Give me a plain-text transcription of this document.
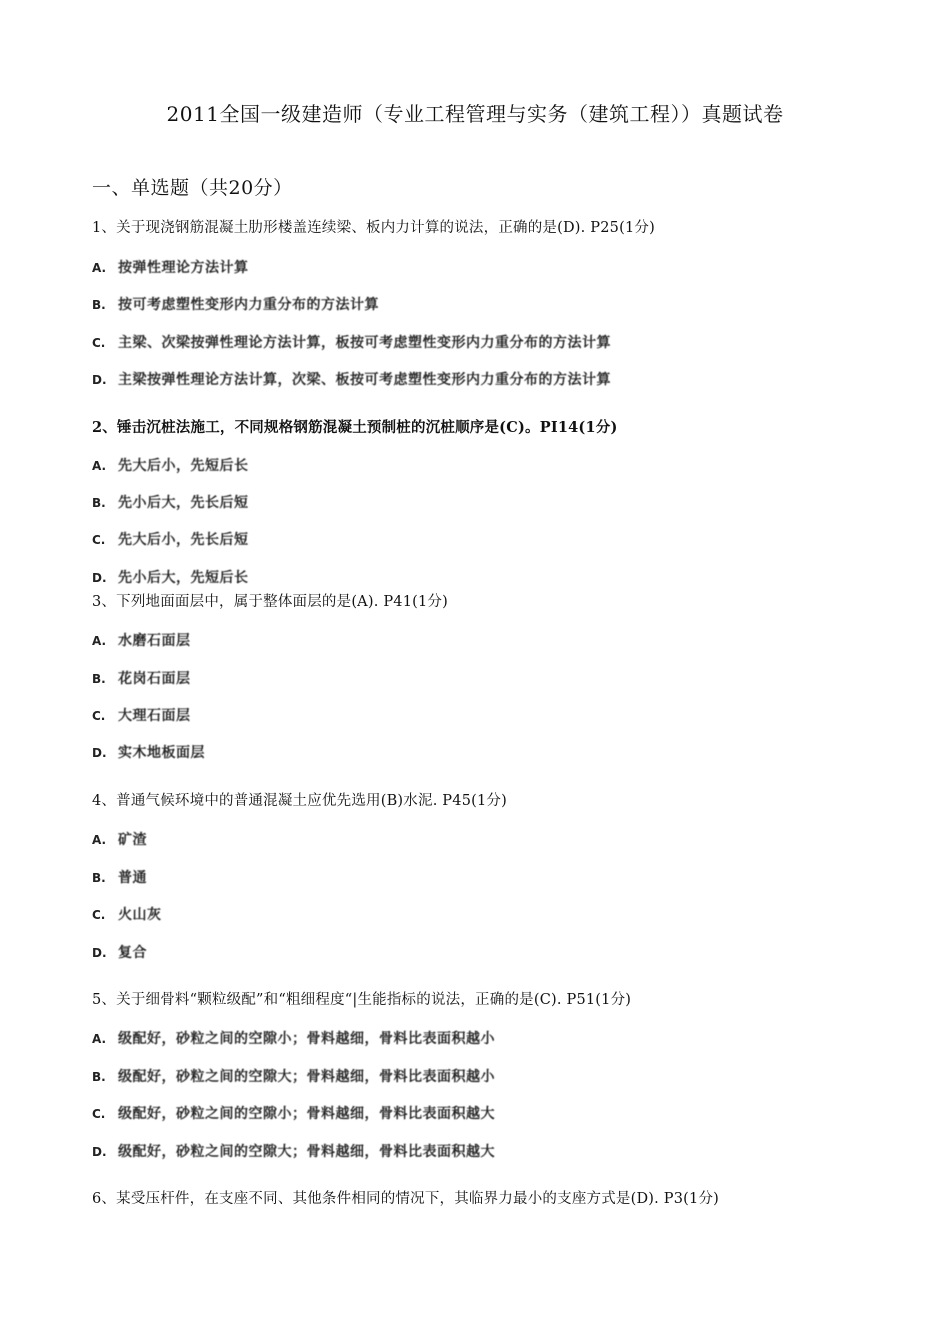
2011全国一级建造师（专业工程管理与实务（建筑工程））真题试卷
一、单选题（共20分）
1、关于现浇钢筋混凝土肋形楼盖连续梁、板内力计算的说法，正确的是(D). P25(1分)
A. 按弹性理论方法计算
B. 按可考虑塑性变形内力重分布的方法计算
C. 主梁、次梁按弹性理论方法计算，板按可考虑塑性变形内力重分布的方法计算
D. 主梁按弹性理论方法计算，次梁、板按可考虑塑性变形内力重分布的方法计算
2、锤击沉桩法施工，不同规格钢筋混凝土预制桩的沉桩顺序是(C)。PI14(1分)
A. 先大后小，先短后长
B. 先小后大，先长后短
C. 先大后小，先长后短
D. 先小后大，先短后长
3、下列地面面层中，属于整体面层的是(A). P41(1分)
A. 水磨石面层
B. 花岗石面层
C. 大理石面层
D. 实木地板面层
4、普通气候环境中的普通混凝土应优先选用(B)水泥. P45(1分)
A. 矿渣
B. 普通
C. 火山灰
D. 复合
5、关于细骨料“颗粒级配”和“粗细程度“|生能指标的说法，正确的是(C). P51(1分)
A. 级配好，砂粒之间的空隙小；骨料越细，骨料比表面积越小
B. 级配好，砂粒之间的空隙大；骨料越细，骨料比表面积越小
C. 级配好，砂粒之间的空隙小；骨料越细，骨料比表面积越大
D. 级配好，砂粒之间的空隙大；骨料越细，骨料比表面积越大
6、某受压杆件，在支座不同、其他条件相同的情况下，其临界力最小的支座方式是(D). P3(1分)
